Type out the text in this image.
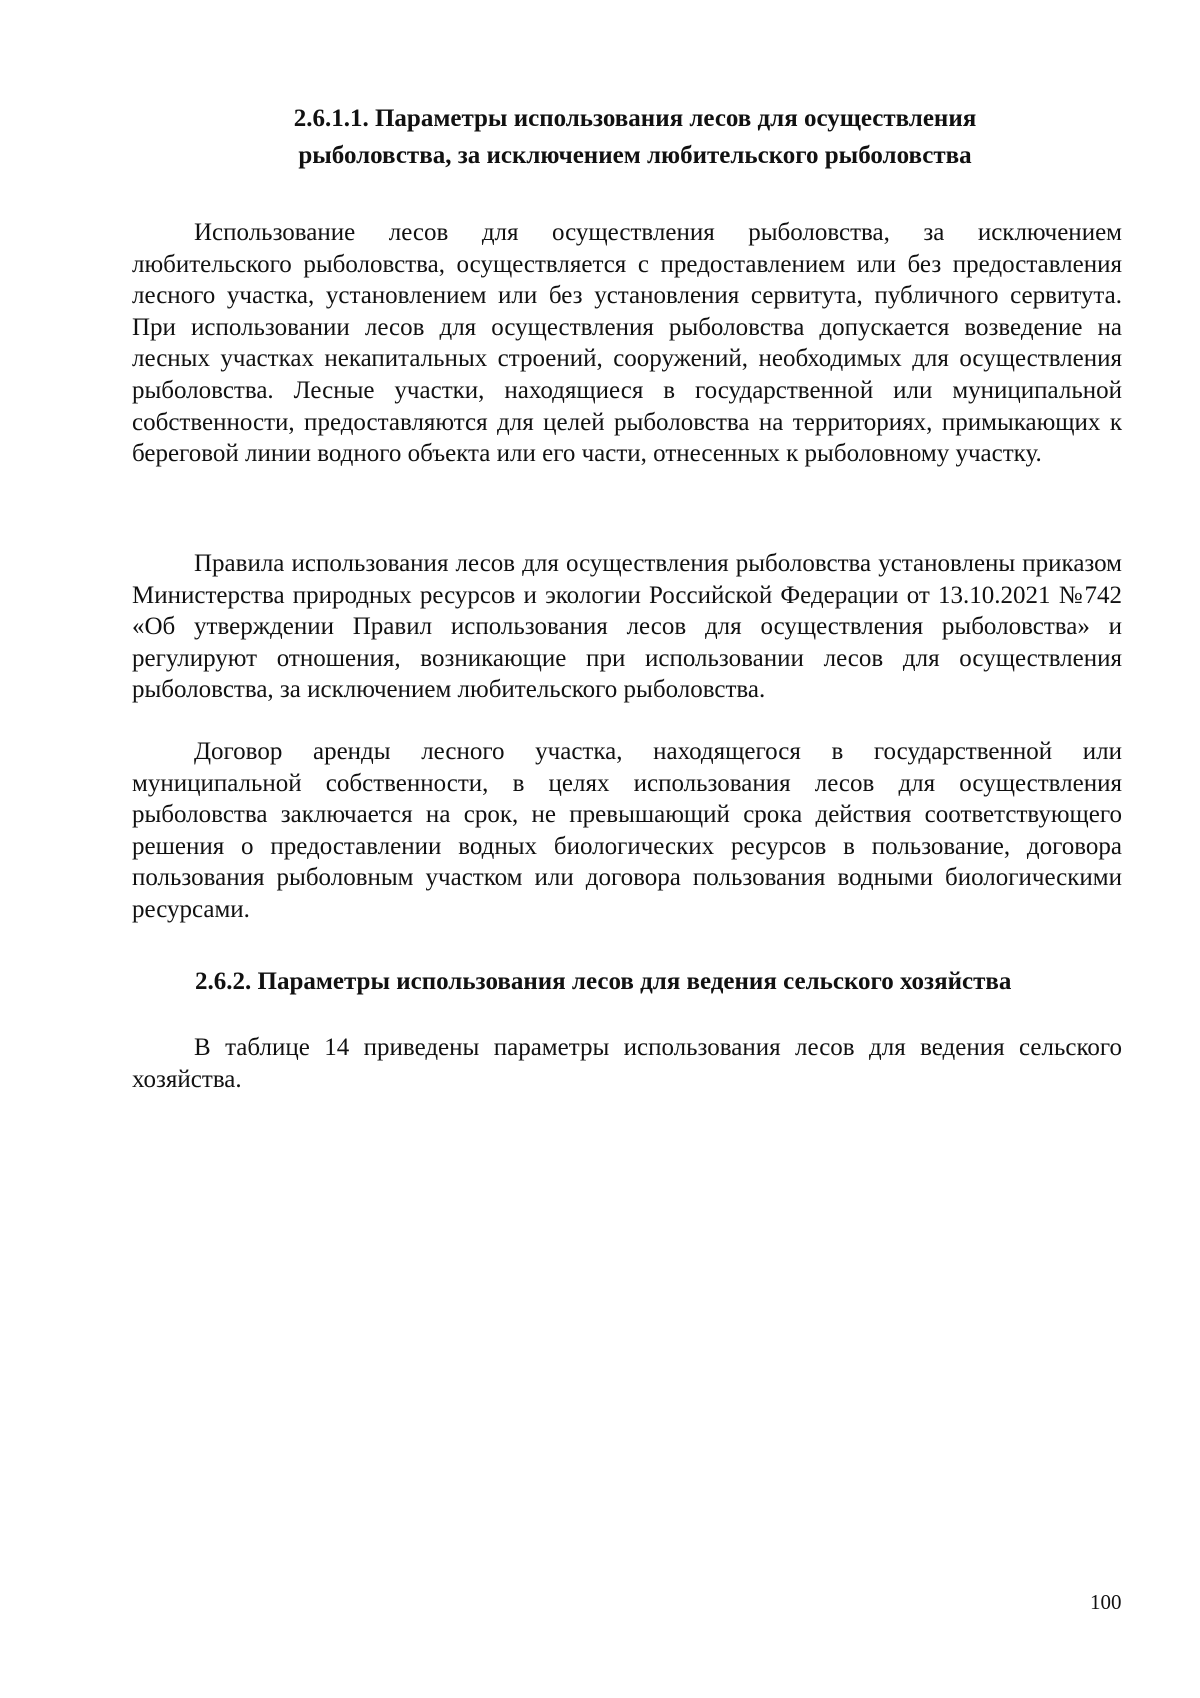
2.6.1.1. Параметры использования лесов для осуществления рыболовства, за исключением любительского рыболовства

Использование лесов для осуществления рыболовства, за исключением любительского рыболовства, осуществляется с предоставлением или без предоставления лесного участка, установлением или без установления сервитута, публичного сервитута. При использовании лесов для осуществления рыболовства допускается возведение на лесных участках некапитальных строений, сооружений, необходимых для осуществления рыболовства. Лесные участки, находящиеся в государственной или муниципальной собственности, предоставляются для целей рыболовства на территориях, примыкающих к береговой линии водного объекта или его части, отнесенных к рыболовному участку.

Правила использования лесов для осуществления рыболовства установлены приказом Министерства природных ресурсов и экологии Российской Федерации от 13.10.2021 №742 «Об утверждении Правил использования лесов для осуществления рыболовства» и регулируют отношения, возникающие при использовании лесов для осуществления рыболовства, за исключением любительского рыболовства.

Договор аренды лесного участка, находящегося в государственной или муниципальной собственности, в целях использования лесов для осуществления рыболовства заключается на срок, не превышающий срока действия соответствующего решения о предоставлении водных биологических ресурсов в пользование, договора пользования рыболовным участком или договора пользования водными биологическими ресурсами.

2.6.2. Параметры использования лесов для ведения сельского хозяйства

В таблице 14 приведены параметры использования лесов для ведения сельского хозяйства.

100
